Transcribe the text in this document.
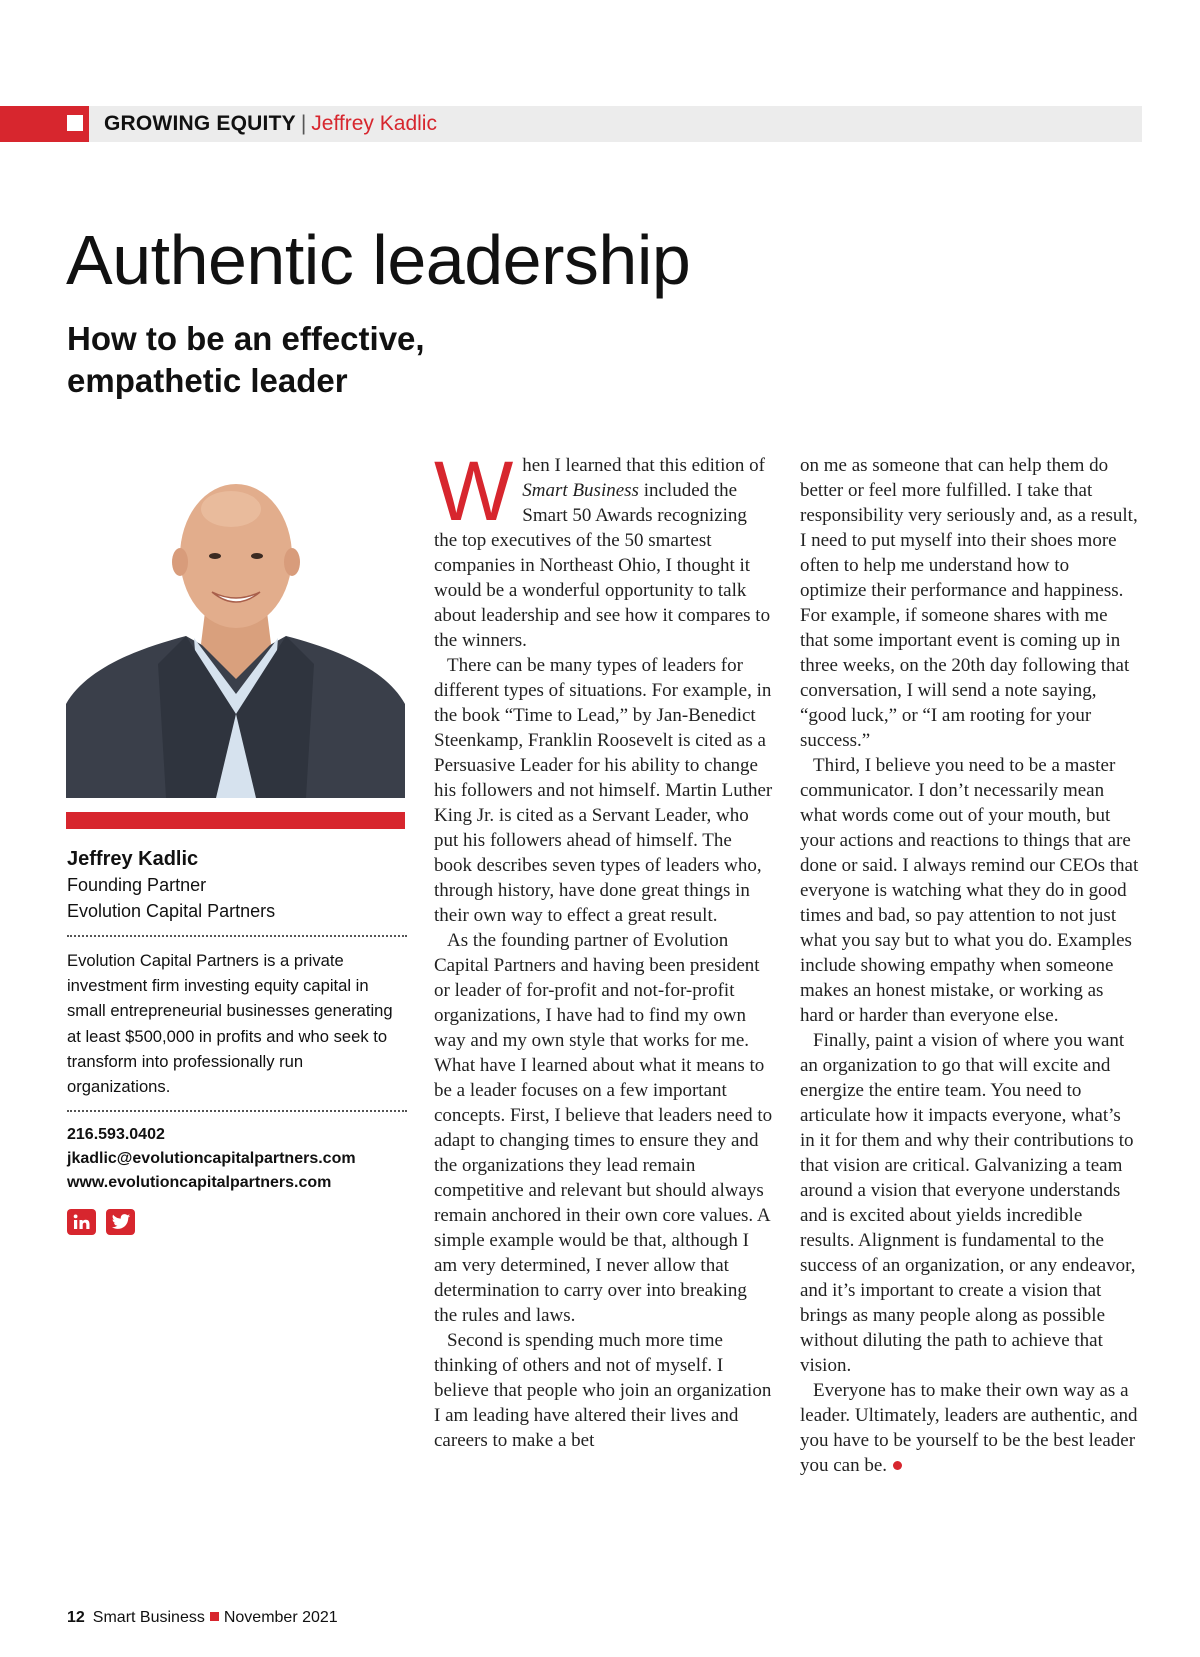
GROWING EQUITY | Jeffrey Kadlic
Authentic leadership
How to be an effective, empathetic leader
Jeffrey Kadlic
Founding Partner
Evolution Capital Partners
Evolution Capital Partners is a private investment firm investing equity capital in small entrepreneurial businesses generating at least $500,000 in profits and who seek to transform into professionally run organizations.
216.593.0402
jkadlic@evolutioncapitalpartners.com
www.evolutioncapitalpartners.com

When I learned that this edition of Smart Business included the Smart 50 Awards recognizing the top executives of the 50 smartest companies in Northeast Ohio, I thought it would be a wonderful opportunity to talk about leadership and see how it compares to the winners.

There can be many types of leaders for different types of situations. For example, in the book “Time to Lead,” by Jan-Benedict Steenkamp, Franklin Roosevelt is cited as a Persuasive Leader for his ability to change his followers and not himself. Martin Luther King Jr. is cited as a Servant Leader, who put his followers ahead of himself. The book describes seven types of leaders who, through history, have done great things in their own way to effect a great result.

As the founding partner of Evolution Capital Partners and having been president or leader of for-profit and not-for-profit organizations, I have had to find my own way and my own style that works for me. What have I learned about what it means to be a leader focuses on a few important concepts. First, I believe that leaders need to adapt to changing times to ensure they and the organizations they lead remain competitive and relevant but should always remain anchored in their own core values. A simple example would be that, although I am very determined, I never allow that determination to carry over into breaking the rules and laws.

Second is spending much more time thinking of others and not of myself. I believe that people who join an organization I am leading have altered their lives and careers to make a bet

on me as someone that can help them do better or feel more fulfilled. I take that responsibility very seriously and, as a result, I need to put myself into their shoes more often to help me understand how to optimize their performance and happiness. For example, if someone shares with me that some important event is coming up in three weeks, on the 20th day following that conversation, I will send a note saying, “good luck,” or “I am rooting for your success.”

Third, I believe you need to be a master communicator. I don’t necessarily mean what words come out of your mouth, but your actions and reactions to things that are done or said. I always remind our CEOs that everyone is watching what they do in good times and bad, so pay attention to not just what you say but to what you do. Examples include showing empathy when someone makes an honest mistake, or working as hard or harder than everyone else.

Finally, paint a vision of where you want an organization to go that will excite and energize the entire team. You need to articulate how it impacts everyone, what’s in it for them and why their contributions to that vision are critical. Galvanizing a team around a vision that everyone understands and is excited about yields incredible results. Alignment is fundamental to the success of an organization, or any endeavor, and it’s important to create a vision that brings as many people along as possible without diluting the path to achieve that vision.

Everyone has to make their own way as a leader. Ultimately, leaders are authentic, and you have to be yourself to be the best leader you can be.

12 Smart Business November 2021
